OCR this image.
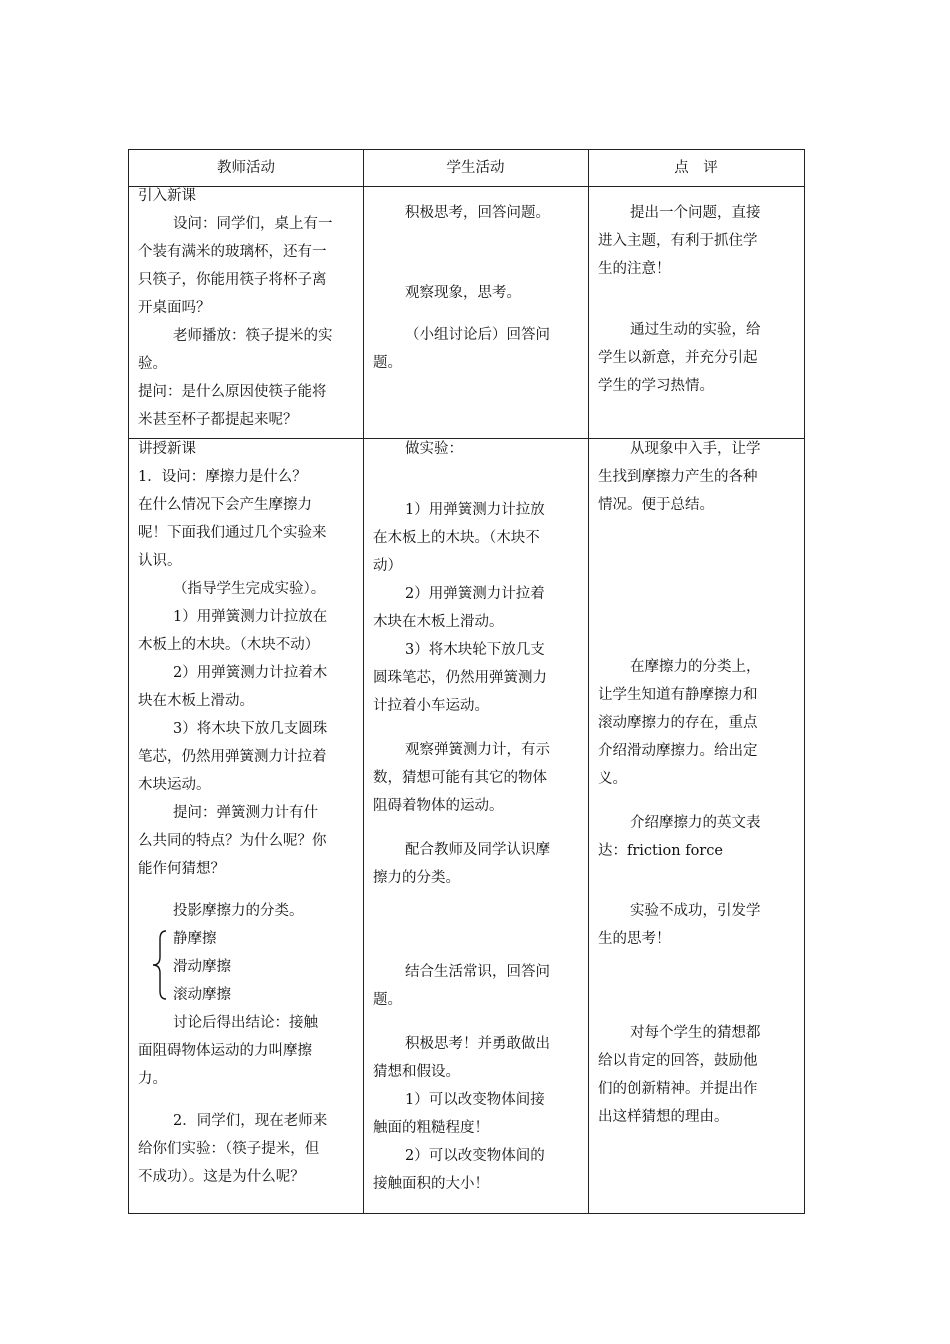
教师活动	学生活动	点　评
引入新课
设问：同学们，桌上有一
个装有满米的玻璃杯，还有一
只筷子，你能用筷子将杯子离
开桌面吗？
老师播放：筷子提米的实
验。
提问：是什么原因使筷子能将
米甚至杯子都提起来呢？
积极思考，回答问题。
观察现象，思考。
（小组讨论后）回答问
题。
提出一个问题，直接
进入主题，有利于抓住学
生的注意！
通过生动的实验，给
学生以新意，并充分引起
学生的学习热情。
讲授新课
1．设问：摩擦力是什么？
在什么情况下会产生摩擦力
呢！下面我们通过几个实验来
认识。
（指导学生完成实验）。
1）用弹簧测力计拉放在
木板上的木块。（木块不动）
2）用弹簧测力计拉着木
块在木板上滑动。
3）将木块下放几支圆珠
笔芯，仍然用弹簧测力计拉着
木块运动。
提问：弹簧测力计有什
么共同的特点？为什么呢？你
能作何猜想？
投影摩擦力的分类。
静摩擦
滑动摩擦
滚动摩擦
讨论后得出结论：接触
面阻碍物体运动的力叫摩擦
力。
2．同学们，现在老师来
给你们实验：（筷子提米，但
不成功）。这是为什么呢？
做实验：
1）用弹簧测力计拉放
在木板上的木块。（木块不
动）
2）用弹簧测力计拉着
木块在木板上滑动。
3）将木块轮下放几支
圆珠笔芯，仍然用弹簧测力
计拉着小车运动。
观察弹簧测力计，有示
数，猜想可能有其它的物体
阻碍着物体的运动。
配合教师及同学认识摩
擦力的分类。
结合生活常识，回答问
题。
积极思考！并勇敢做出
猜想和假设。
1）可以改变物体间接
触面的粗糙程度！
2）可以改变物体间的
接触面积的大小！
从现象中入手，让学
生找到摩擦力产生的各种
情况。便于总结。
在摩擦力的分类上，
让学生知道有静摩擦力和
滚动摩擦力的存在，重点
介绍滑动摩擦力。给出定
义。
介绍摩擦力的英文表
达：friction force
实验不成功，引发学
生的思考！
对每个学生的猜想都
给以肯定的回答，鼓励他
们的创新精神。并提出作
出这样猜想的理由。
